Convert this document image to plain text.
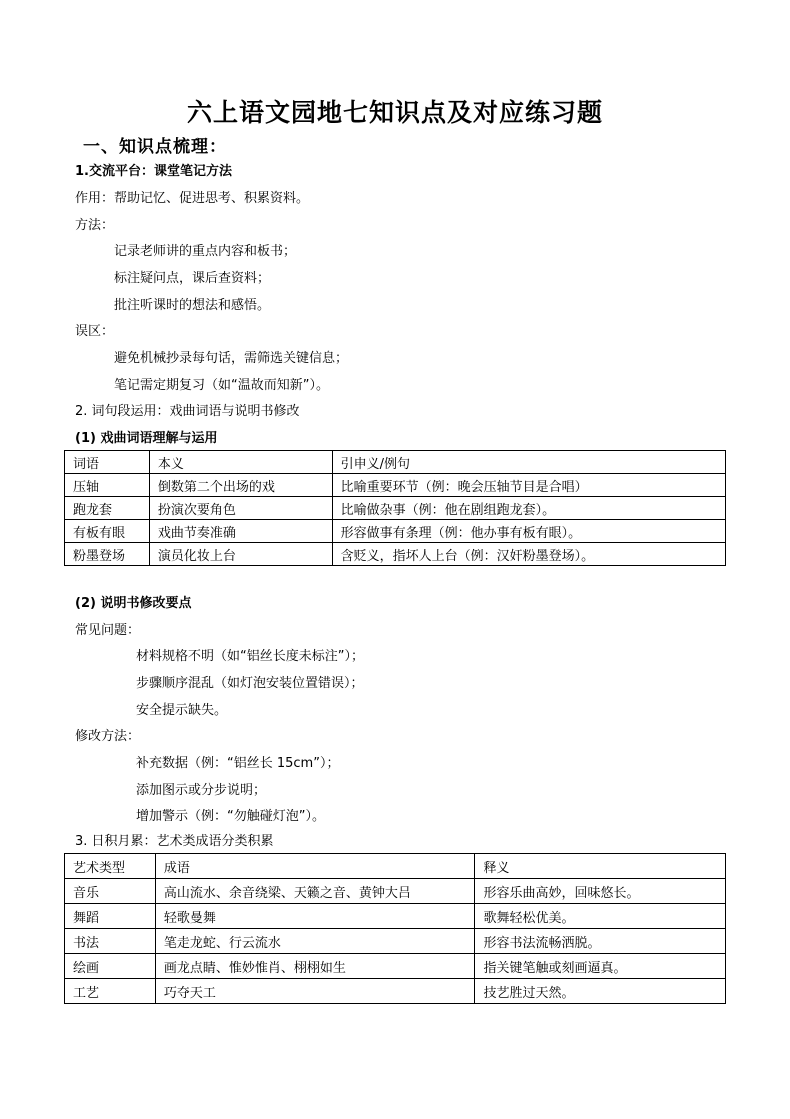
六上语文园地七知识点及对应练习题
一、知识点梳理：
1.交流平台：课堂笔记方法
作用：帮助记忆、促进思考、积累资料。
方法：
记录老师讲的重点内容和板书；
标注疑问点，课后查资料；
批注听课时的想法和感悟。
误区：
避免机械抄录每句话，需筛选关键信息；
笔记需定期复习（如“温故而知新”）。
2. 词句段运用：戏曲词语与说明书修改
(1) 戏曲词语理解与运用
词语	本义	引申义/例句
压轴	倒数第二个出场的戏	比喻重要环节（例：晚会压轴节目是合唱）
跑龙套	扮演次要角色	比喻做杂事（例：他在剧组跑龙套）。
有板有眼	戏曲节奏准确	形容做事有条理（例：他办事有板有眼）。
粉墨登场	演员化妆上台	含贬义，指坏人上台（例：汉奸粉墨登场）。
(2) 说明书修改要点
常见问题：
材料规格不明（如“铝丝长度未标注”）；
步骤顺序混乱（如灯泡安装位置错误）；
安全提示缺失。
修改方法：
补充数据（例：“铝丝长 15cm”）；
添加图示或分步说明；
增加警示（例：“勿触碰灯泡”）。
3. 日积月累：艺术类成语分类积累
艺术类型	成语	释义
音乐	高山流水、余音绕梁、天籁之音、黄钟大吕	形容乐曲高妙，回味悠长。
舞蹈	轻歌曼舞	歌舞轻松优美。
书法	笔走龙蛇、行云流水	形容书法流畅洒脱。
绘画	画龙点睛、惟妙惟肖、栩栩如生	指关键笔触或刻画逼真。
工艺	巧夺天工	技艺胜过天然。
